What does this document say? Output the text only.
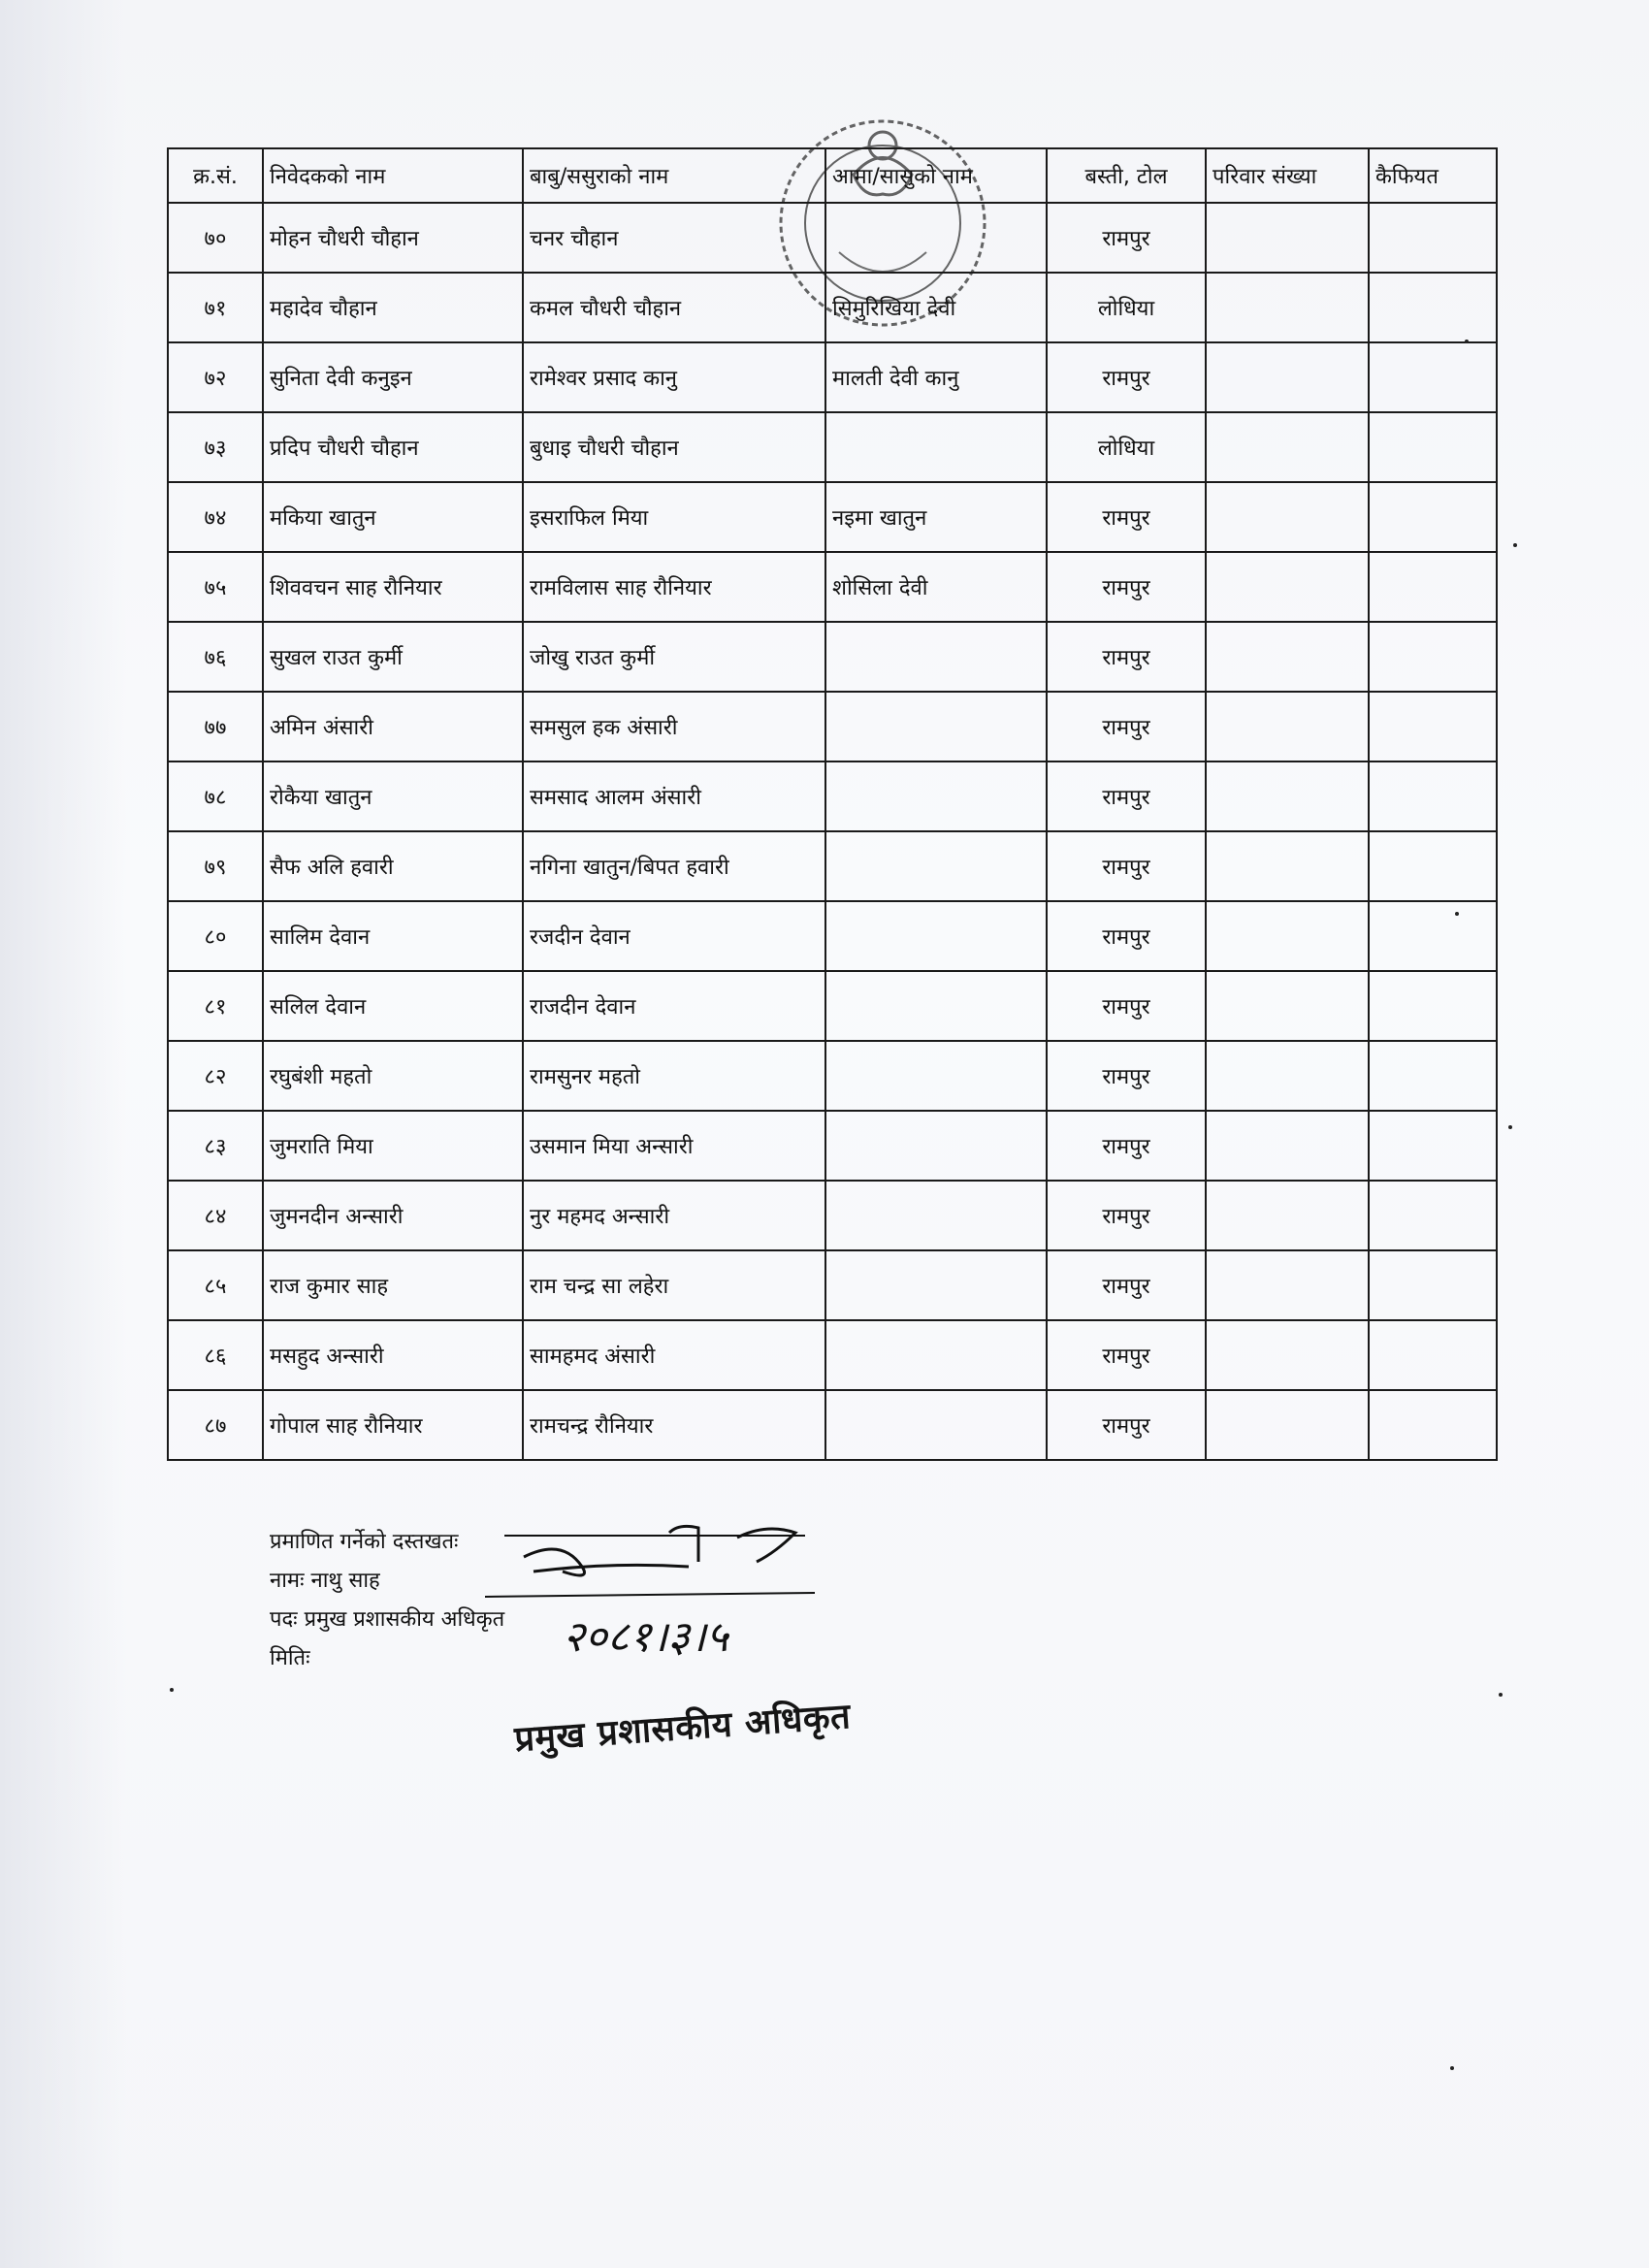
क्र.सं.	निवेदकको नाम	बाबु/ससुराको नाम	आमा/सासुको नाम	बस्ती, टोल	परिवार संख्या	कैफियत
७०	मोहन चौधरी चौहान	चनर चौहान		रामपुर		
७१	महादेव चौहान	कमल चौधरी चौहान	सिमुरिखिया देवी	लोधिया		
७२	सुनिता देवी कनुइन	रामेश्वर प्रसाद कानु	मालती देवी कानु	रामपुर		
७३	प्रदिप चौधरी चौहान	बुधाइ चौधरी चौहान		लोधिया		
७४	मकिया खातुन	इसराफिल मिया	नइमा खातुन	रामपुर		
७५	शिववचन साह रौनियार	रामविलास साह रौनियार	शोसिला देवी	रामपुर		
७६	सुखल राउत कुर्मी	जोखु राउत कुर्मी		रामपुर		
७७	अमिन अंसारी	समसुल हक अंसारी		रामपुर		
७८	रोकैया खातुन	समसाद आलम अंसारी		रामपुर		
७९	सैफ अलि हवारी	नगिना खातुन/बिपत हवारी		रामपुर		
८०	सालिम देवान	रजदीन देवान		रामपुर		
८१	सलिल देवान	राजदीन देवान		रामपुर		
८२	रघुबंशी महतो	रामसुनर महतो		रामपुर		
८३	जुमराति मिया	उसमान मिया अन्सारी		रामपुर		
८४	जुमनदीन अन्सारी	नुर महमद अन्सारी		रामपुर		
८५	राज कुमार साह	राम चन्द्र सा लहेरा		रामपुर		
८६	मसहुद अन्सारी	सामहमद अंसारी		रामपुर		
८७	गोपाल साह रौनियार	रामचन्द्र रौनियार		रामपुर		
प्रमाणित गर्नेको दस्तखतः
नामः नाथु साह
पदः प्रमुख प्रशासकीय अधिकृत
मितिः	२०८१।३।५
प्रमुख प्रशासकीय अधिकृत
